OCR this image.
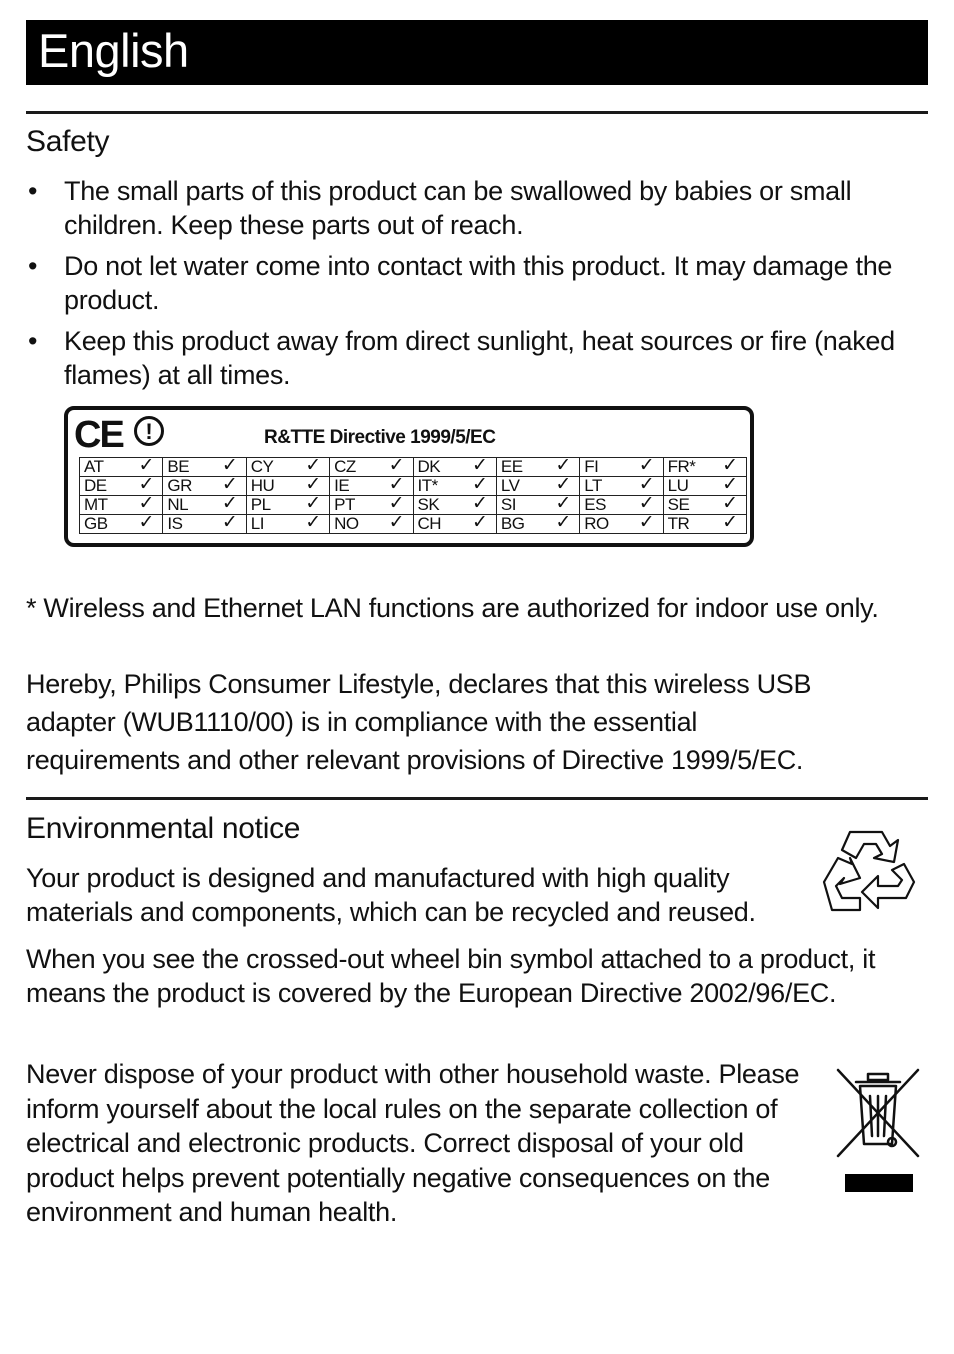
English
Safety
• The small parts of this product can be swallowed by babies or small children. Keep these parts out of reach.
• Do not let water come into contact with this product. It may damage the product.
• Keep this product away from direct sunlight, heat sources or fire (naked flames) at all times.
CE	!	R&TTE Directive 1999/5/EC
AT ✓	BE ✓	CY ✓	CZ ✓	DK ✓	EE ✓	FI ✓	FR* ✓

DE ✓	GR ✓	HU ✓	IE ✓	IT* ✓	LV ✓	LT ✓	LU ✓

MT ✓	NL ✓	PL ✓	PT ✓	SK ✓	SI ✓	ES ✓	SE ✓

GB ✓	IS ✓	LI ✓	NO ✓	CH ✓	BG ✓	RO ✓	TR ✓

* Wireless and Ethernet LAN functions are authorized for indoor use only.

Hereby, Philips Consumer Lifestyle, declares that this wireless USB adapter (WUB1110/00) is in compliance with the essential requirements and other relevant provisions of Directive 1999/5/EC.

Environmental notice

Your product is designed and manufactured with high quality materials and components, which can be recycled and reused.

When you see the crossed-out wheel bin symbol attached to a product, it means the product is covered by the European Directive 2002/96/EC.

Never dispose of your product with other household waste. Please inform yourself about the local rules on the separate collection of electrical and electronic products. Correct disposal of your old product helps prevent potentially negative consequences on the environment and human health.
